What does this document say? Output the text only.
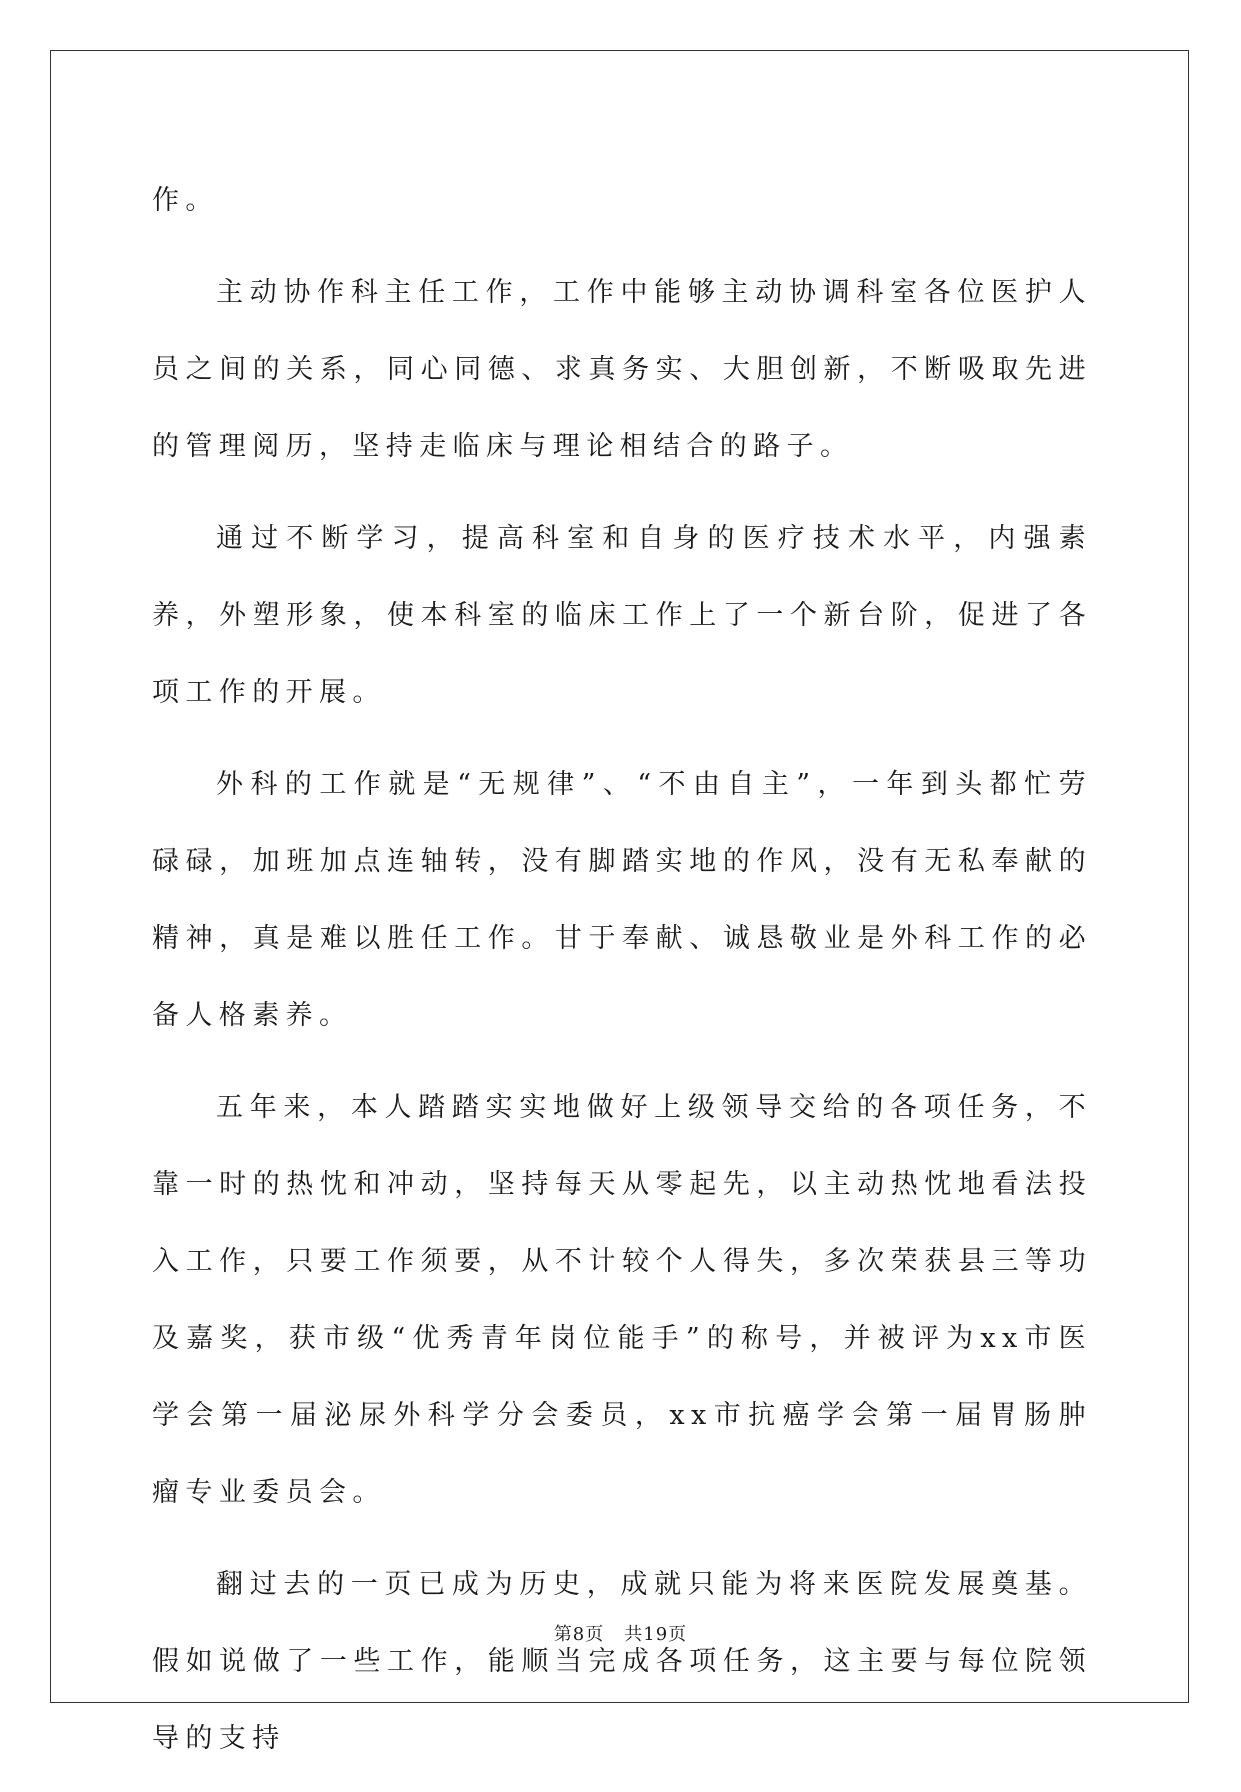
作。

主动协作科主任工作，工作中能够主动协调科室各位医护人员之间的关系，同心同德、求真务实、大胆创新，不断吸取先进的管理阅历，坚持走临床与理论相结合的路子。

通过不断学习，提高科室和自身的医疗技术水平，内强素养，外塑形象，使本科室的临床工作上了一个新台阶，促进了各项工作的开展。

外科的工作就是“无规律”、“不由自主”，一年到头都忙劳碌碌，加班加点连轴转，没有脚踏实地的作风，没有无私奉献的精神，真是难以胜任工作。甘于奉献、诚恳敬业是外科工作的必备人格素养。

五年来，本人踏踏实实地做好上级领导交给的各项任务，不靠一时的热忱和冲动，坚持每天从零起先，以主动热忱地看法投入工作，只要工作须要，从不计较个人得失，多次荣获县三等功及嘉奖，获市级“优秀青年岗位能手”的称号，并被评为xx市医学会第一届泌尿外科学分会委员，xx市抗癌学会第一届胃肠肿瘤专业委员会。

翻过去的一页已成为历史，成就只能为将来医院发展奠基。假如说做了一些工作，能顺当完成各项任务，这主要与每位院领导的支持

第8页 共19页
